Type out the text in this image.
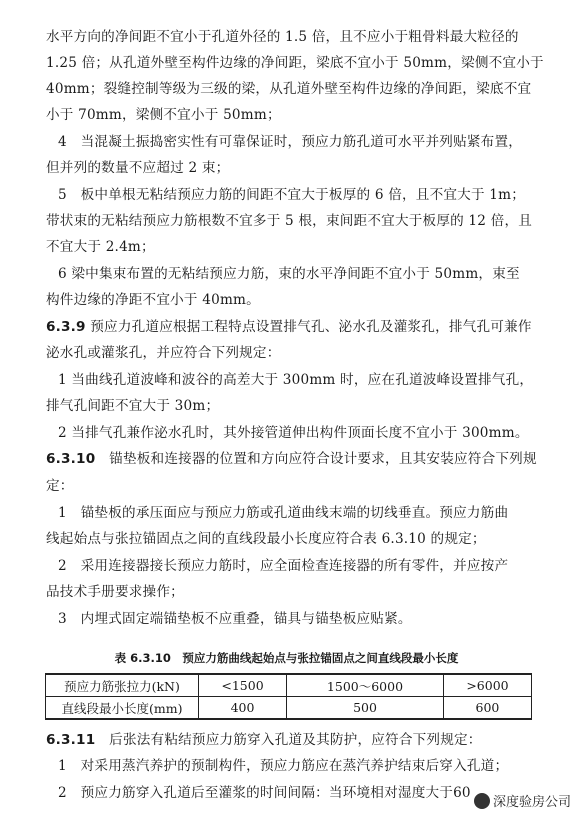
水平方向的净间距不宜小于孔道外径的 1.5 倍，且不应小于粗骨料最大粒径的
1.25 倍；从孔道外壁至构件边缘的净间距，梁底不宜小于 50mm，梁侧不宜小于
40mm；裂缝控制等级为三级的梁，从孔道外壁至构件边缘的净间距，梁底不宜
小于 70mm，梁侧不宜小于 50mm；
4　当混凝土振捣密实性有可靠保证时，预应力筋孔道可水平并列贴紧布置，
但并列的数量不应超过 2 束；
5　板中单根无粘结预应力筋的间距不宜大于板厚的 6 倍，且不宜大于 1m；
带状束的无粘结预应力筋根数不宜多于 5 根，束间距不宜大于板厚的 12 倍，且
不宜大于 2.4m；
6 梁中集束布置的无粘结预应力筋，束的水平净间距不宜小于 50mm，束至
构件边缘的净距不宜小于 40mm。
6.3.9 预应力孔道应根据工程特点设置排气孔、泌水孔及灌浆孔，排气孔可兼作
泌水孔或灌浆孔，并应符合下列规定：
1 当曲线孔道波峰和波谷的高差大于 300mm 时，应在孔道波峰设置排气孔，
排气孔间距不宜大于 30m；
2 当排气孔兼作泌水孔时，其外接管道伸出构件顶面长度不宜小于 300mm。
6.3.10　锚垫板和连接器的位置和方向应符合设计要求，且其安装应符合下列规
定：
1　锚垫板的承压面应与预应力筋或孔道曲线末端的切线垂直。预应力筋曲
线起始点与张拉锚固点之间的直线段最小长度应符合表 6.3.10 的规定；
2　采用连接器接长预应力筋时，应全面检查连接器的所有零件，并应按产
品技术手册要求操作；
3　内埋式固定端锚垫板不应重叠，锚具与锚垫板应贴紧。
6.3.11　后张法有粘结预应力筋穿入孔道及其防护，应符合下列规定：
1　对采用蒸汽养护的预制构件，预应力筋应在蒸汽养护结束后穿入孔道；
2　预应力筋穿入孔道后至灌浆的时间间隔：当环境相对湿度大于60
表 6.3.10　预应力筋曲线起始点与张拉锚固点之间直线段最小长度
预应力筋张拉力(kN)	<1500	1500～6000	>6000
直线段最小长度(mm)	400	500	600
深度验房公司
